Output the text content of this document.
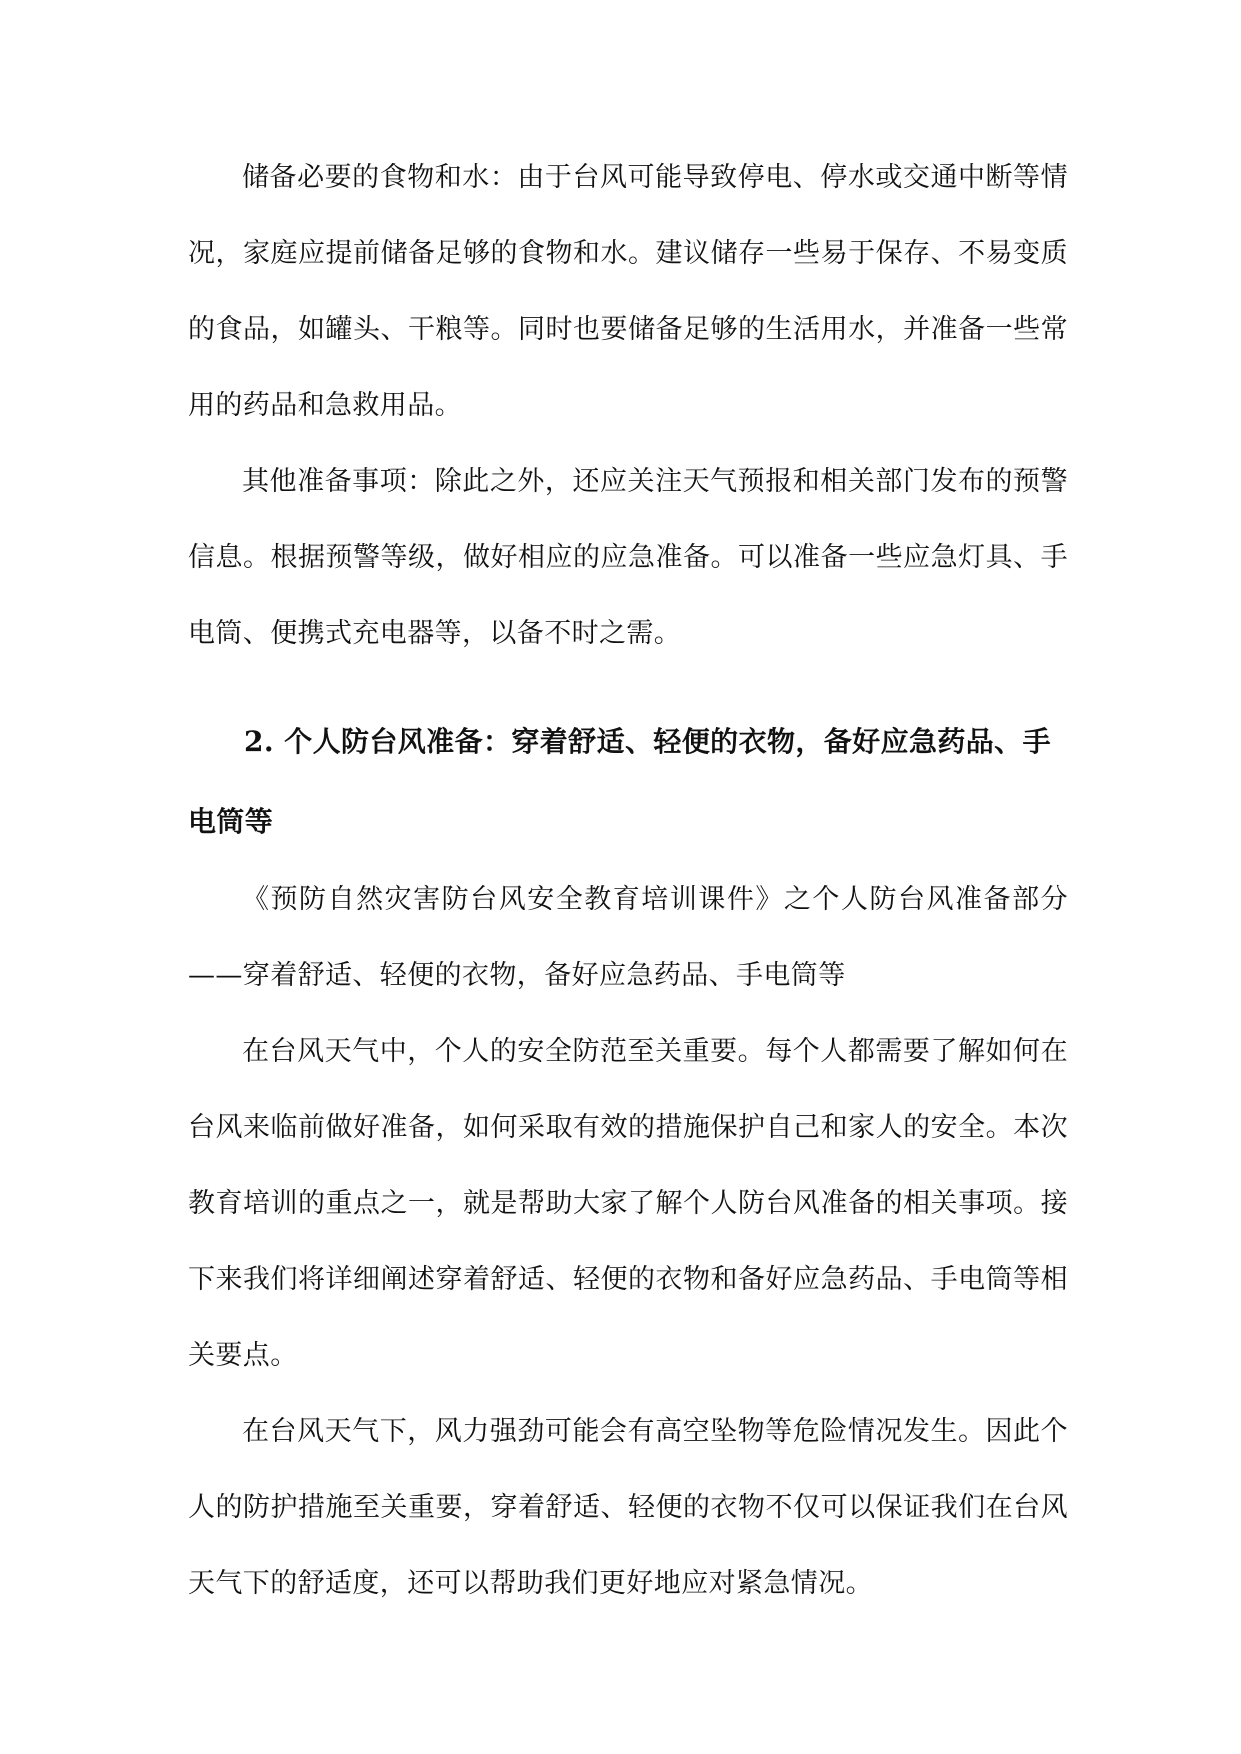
储备必要的食物和水：由于台风可能导致停电、停水或交通中断等情况，家庭应提前储备足够的食物和水。建议储存一些易于保存、不易变质的食品，如罐头、干粮等。同时也要储备足够的生活用水，并准备一些常用的药品和急救用品。

其他准备事项：除此之外，还应关注天气预报和相关部门发布的预警信息。根据预警等级，做好相应的应急准备。可以准备一些应急灯具、手电筒、便携式充电器等，以备不时之需。

2. 个人防台风准备：穿着舒适、轻便的衣物，备好应急药品、手电筒等

《预防自然灾害防台风安全教育培训课件》之个人防台风准备部分——穿着舒适、轻便的衣物，备好应急药品、手电筒等

在台风天气中，个人的安全防范至关重要。每个人都需要了解如何在台风来临前做好准备，如何采取有效的措施保护自己和家人的安全。本次教育培训的重点之一，就是帮助大家了解个人防台风准备的相关事项。接下来我们将详细阐述穿着舒适、轻便的衣物和备好应急药品、手电筒等相关要点。

在台风天气下，风力强劲可能会有高空坠物等危险情况发生。因此个人的防护措施至关重要，穿着舒适、轻便的衣物不仅可以保证我们在台风天气下的舒适度，还可以帮助我们更好地应对紧急情况。
